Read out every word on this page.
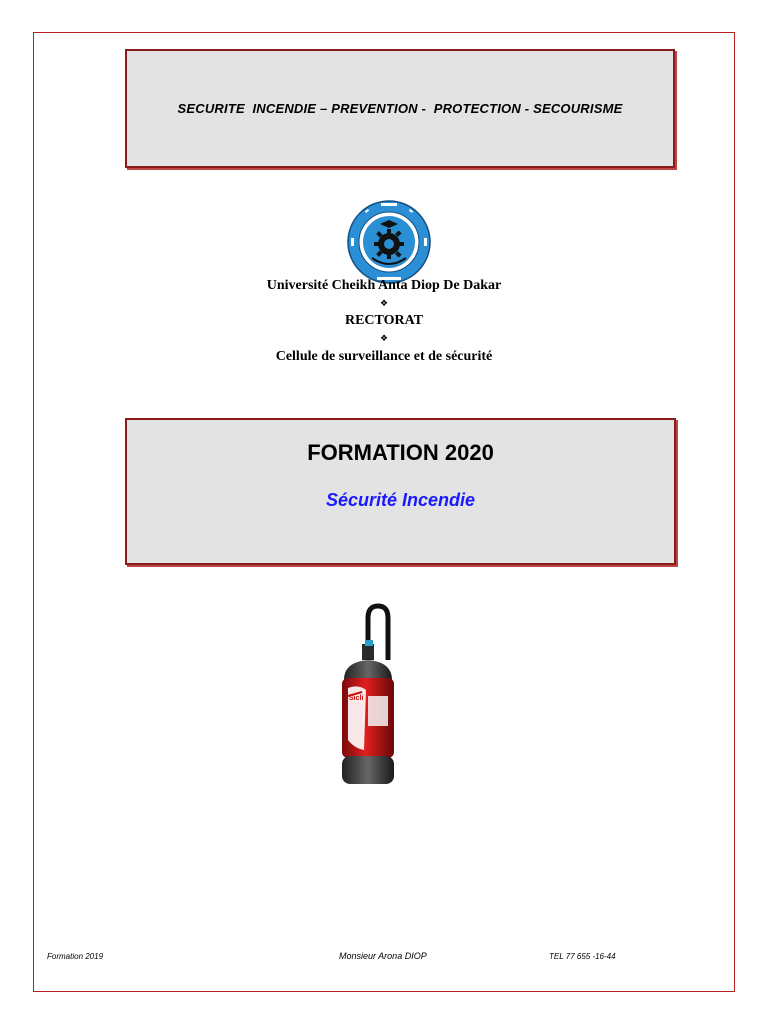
SECURITE  INCENDIE – PREVENTION -  PROTECTION - SECOURISME
Université Cheikh Anta Diop De Dakar
❖
RECTORAT
❖
Cellule de surveillance et de sécurité
FORMATION 2020
Sécurité Incendie
Sicli
Formation 2019	Monsieur Arona DIOP	TEL 77 655 -16-44
